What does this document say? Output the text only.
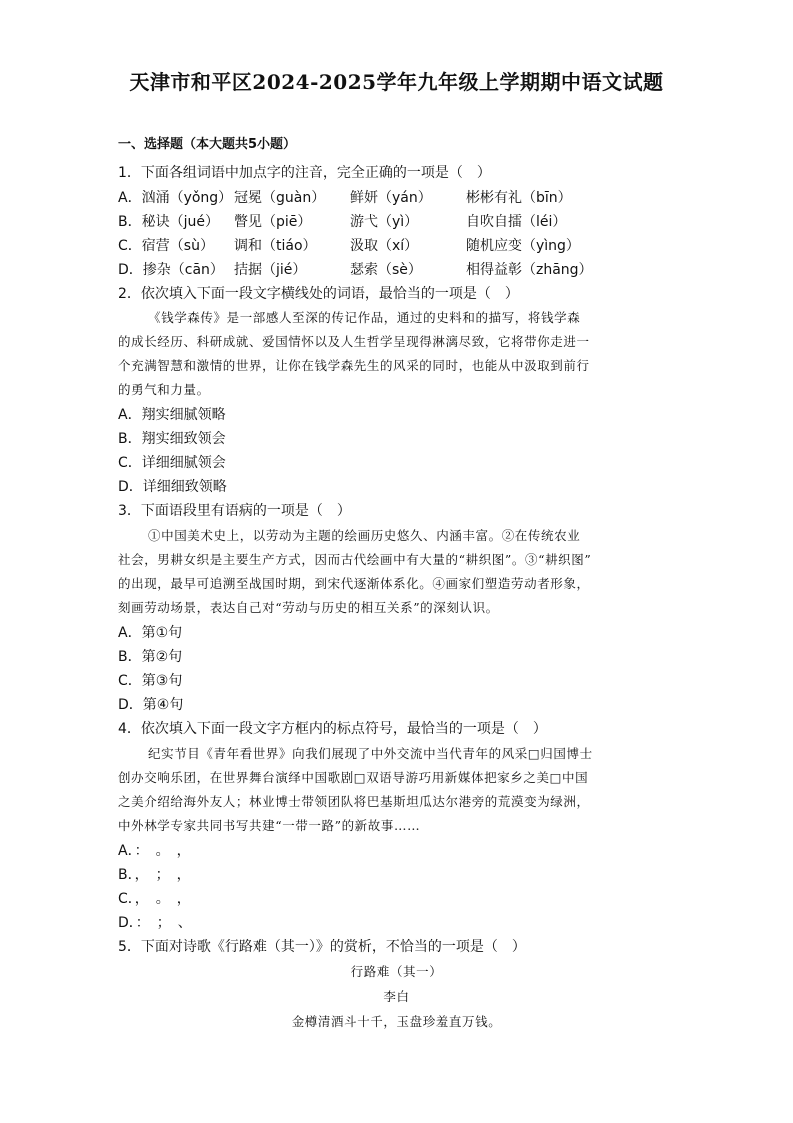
天津市和平区2024-2025学年九年级上学期期中语文试题
一、选择题（本大题共5小题）
1．下面各组词语中加点字的注音，完全正确的一项是（　）
A．汹涌（yǒng） 冠冕（guàn） 鲜妍（yán） 彬彬有礼（bīn）
B．秘诀（jué） 瞥见（piē）	游弋（yì）	自吹自擂（léi）
C．宿营（sù） 调和（tiáo） 汲取（xí）	随机应变（yìng）
D．掺杂（cān） 拮据（jié）	瑟索（sè）	相得益彰（zhāng）
2．依次填入下面一段文字横线处的词语，最恰当的一项是（　）
《钱学森传》是一部感人至深的传记作品，通过的史料和的描写，将钱学森
的成长经历、科研成就、爱国情怀以及人生哲学呈现得淋漓尽致，它将带你走进一
个充满智慧和激情的世界，让你在钱学森先生的风采的同时，也能从中汲取到前行
的勇气和力量。
A．翔实细腻领略
B．翔实细致领会
C．详细细腻领会
D．详细细致领略
3．下面语段里有语病的一项是（　）
①中国美术史上，以劳动为主题的绘画历史悠久、内涵丰富。②在传统农业
社会，男耕女织是主要生产方式，因而古代绘画中有大量的“耕织图”。③“耕织图”
的出现，最早可追溯至战国时期，到宋代逐渐体系化。④画家们塑造劳动者形象，
刻画劳动场景，表达自己对“劳动与历史的相互关系”的深刻认识。
A．第①句
B．第②句
C．第③句
D．第④句
4．依次填入下面一段文字方框内的标点符号，最恰当的一项是（　）
纪实节目《青年看世界》向我们展现了中外交流中当代青年的风采□归国博士
创办交响乐团，在世界舞台演绎中国歌剧□双语导游巧用新媒体把家乡之美□中国
之美介绍给海外友人；林业博士带领团队将巴基斯坦瓜达尔港旁的荒漠变为绿洲，
中外林学专家共同书写共建“一带一路”的新故事……
A．：　。　，
B．，　；　，
C．，　。　，
D．：　；　、
5．下面对诗歌《行路难（其一）》的赏析，不恰当的一项是（　）
行路难（其一）
李白
金樽清酒斗十千，玉盘珍羞直万钱。
